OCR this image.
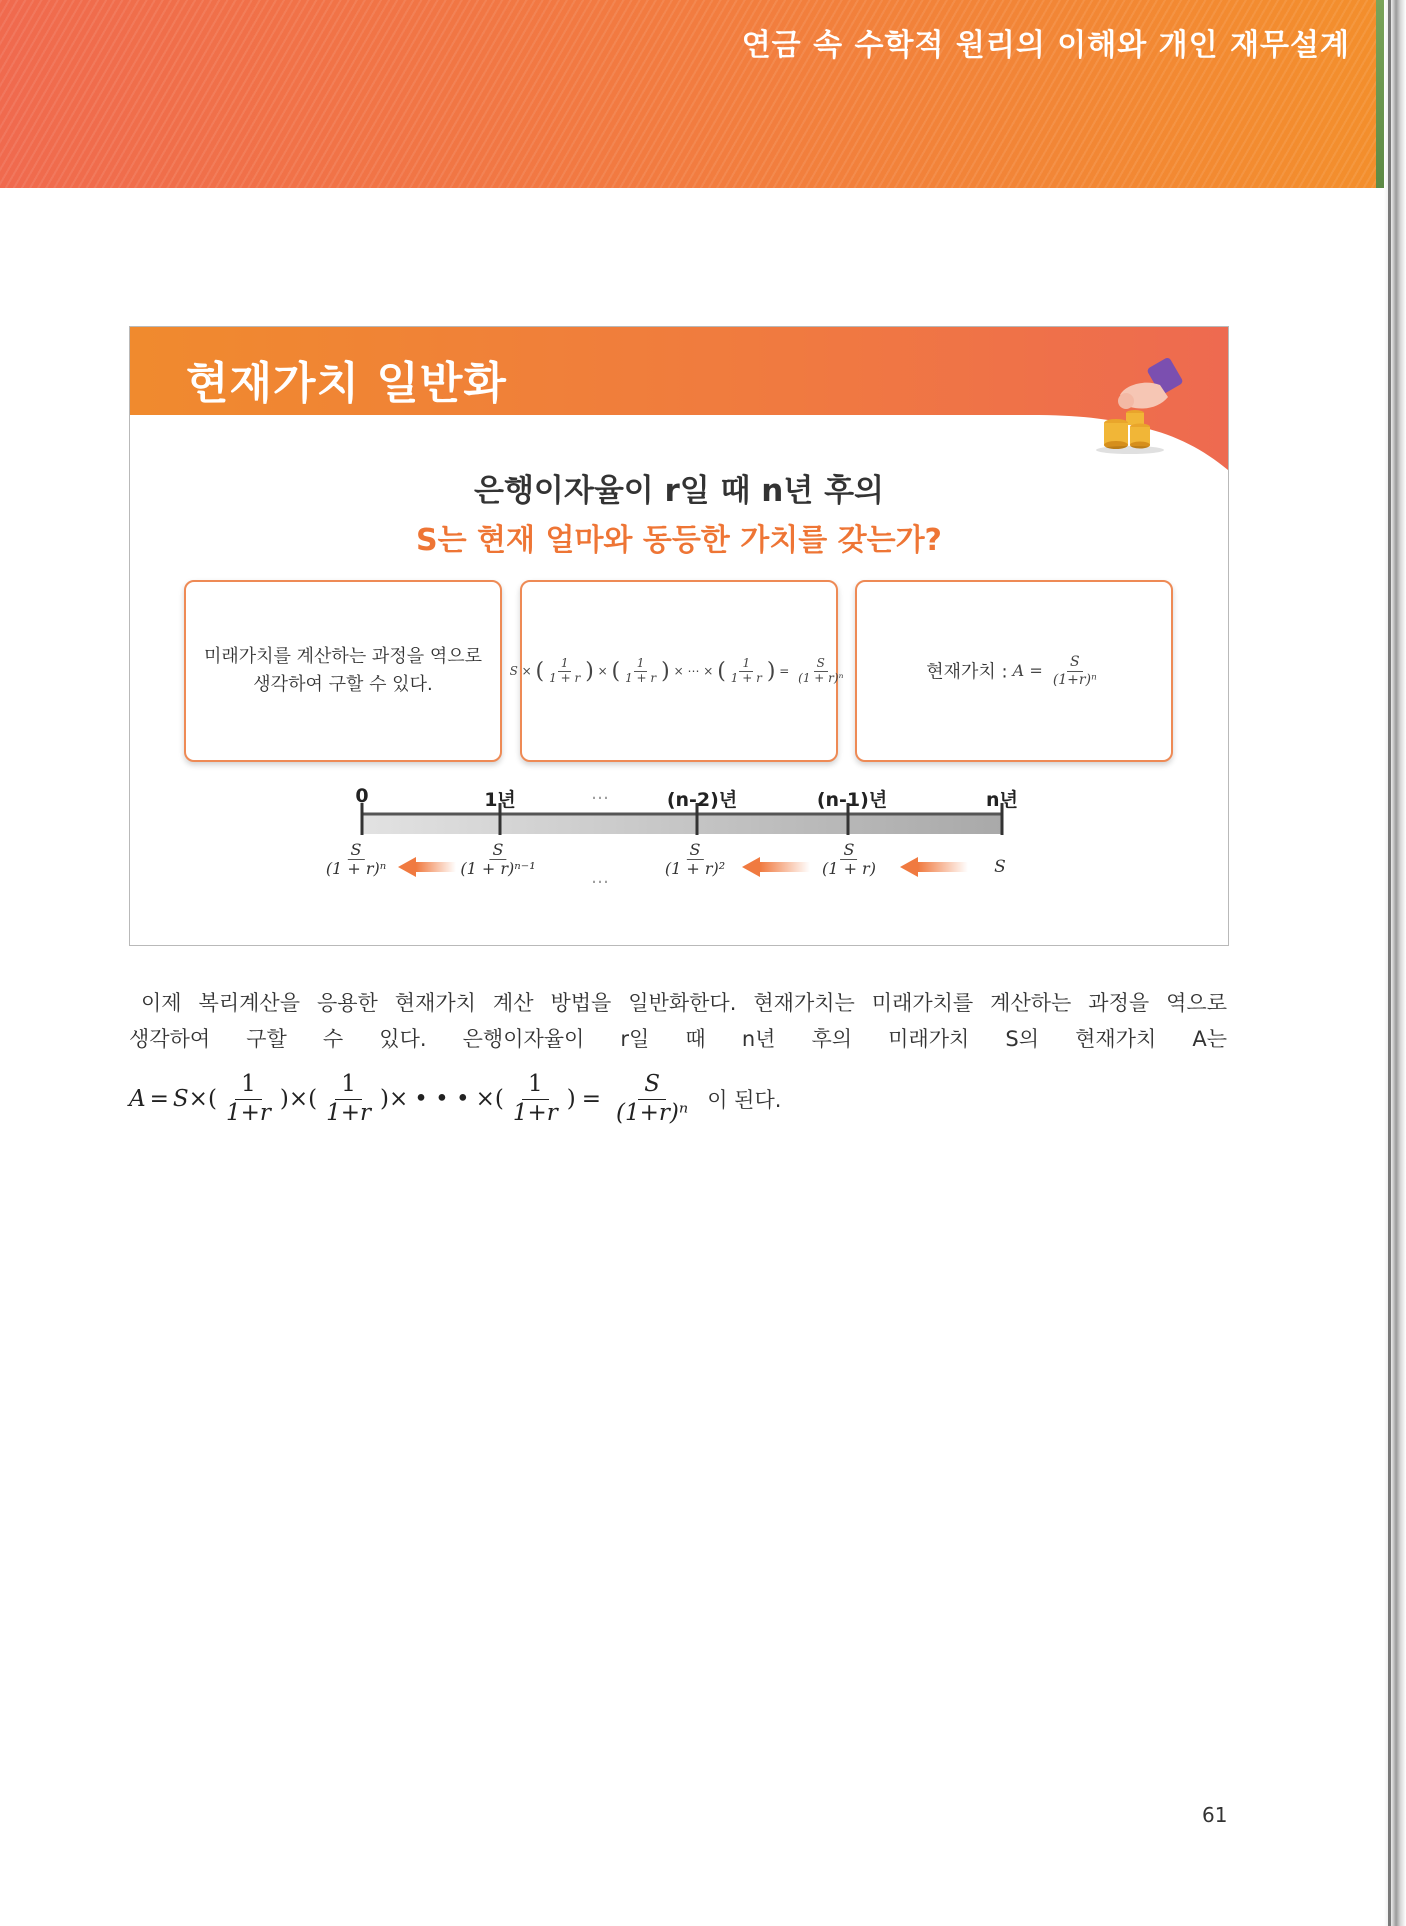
연금 속 수학적 원리의 이해와 개인 재무설계
현재가치 일반화
은행이자율이 r일 때 n년 후의
S는 현재 얼마와 동등한 가치를 갖는가?
미래가치를 계산하는 과정을 역으로 생각하여 구할 수 있다.
S × ( $\frac{1}{1 + r}$ ) × ( $\frac{1}{1 + r}$ ) × ⋯ × ( $\frac{1}{1 + r}$ ) = $\frac{S}{\text{(1 + r)ⁿ}}$	현재가치 : $A = \frac{S}{\text{(1+r)ⁿ}}$
0	1년	…	(n-2)년	(n-1)년	n년
$\frac{S}{\text{(1 + r)ⁿ}}$	$\frac{S}{\text{(1 + r)ⁿ⁻¹}}$	…	$\frac{S}{\text{(1 + r)²}}$	$\frac{S}{(1 + r)}$	S

이제 복리계산을 응용한 현재가치 계산 방법을 일반화한다. 현재가치는 미래가치를 계산하는 과정을 역으로

생각하여 구할 수 있다. 은행이자율이 r일 때 n년 후의 미래가치 S의 현재가치 A는

A = S × ( $\frac{1}{1+r}$ ) × ( $\frac{1}{1+r}$ ) × • • • × ( $\frac{1}{1+r}$ ) = $\frac{S}{\text{(1+r)ⁿ}}$ 이 된다.
61
